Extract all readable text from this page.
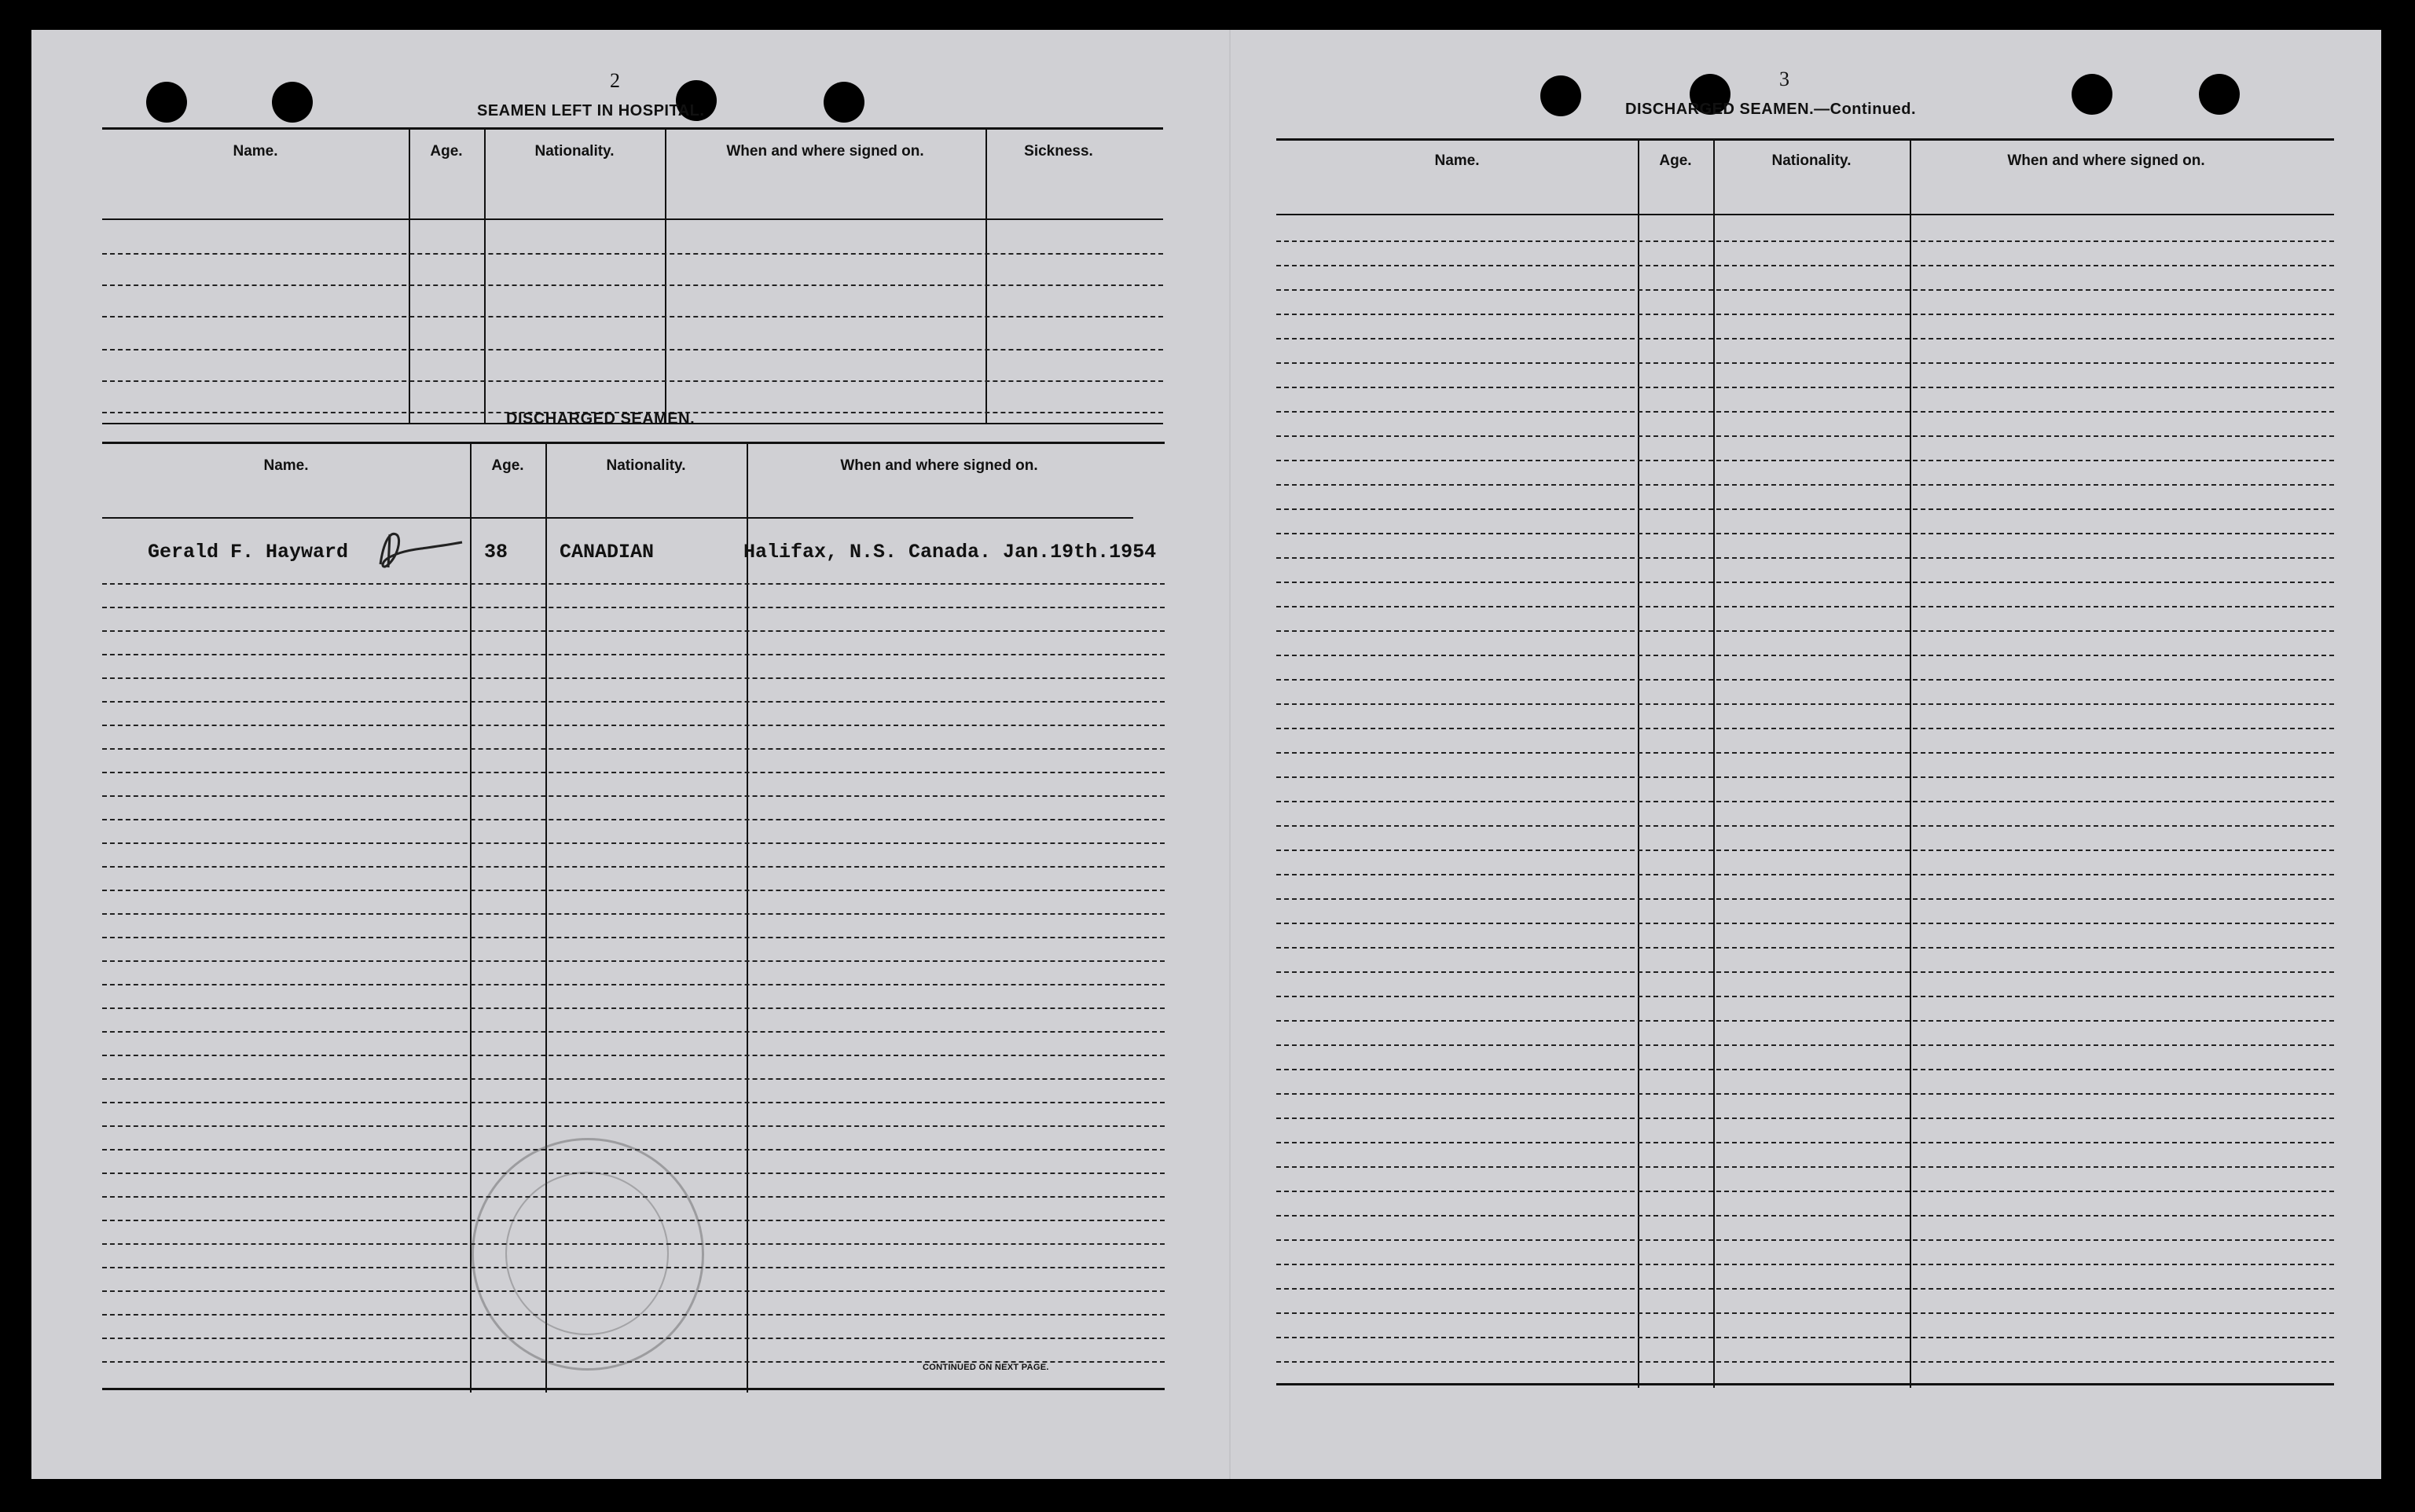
2
SEAMEN LEFT IN HOSPITAL.
Name.	Age.	Nationality.	When and where signed on.	Sickness.
DISCHARGED SEAMEN.
Name.	Age.	Nationality.	When and where signed on.
Gerald F. Hayward	38	CANADIAN	Halifax, N.S. Canada. Jan.19th.1954
CONTINUED ON NEXT PAGE.
3
DISCHARGED SEAMEN.—Continued.
Name.	Age.	Nationality.	When and where signed on.
